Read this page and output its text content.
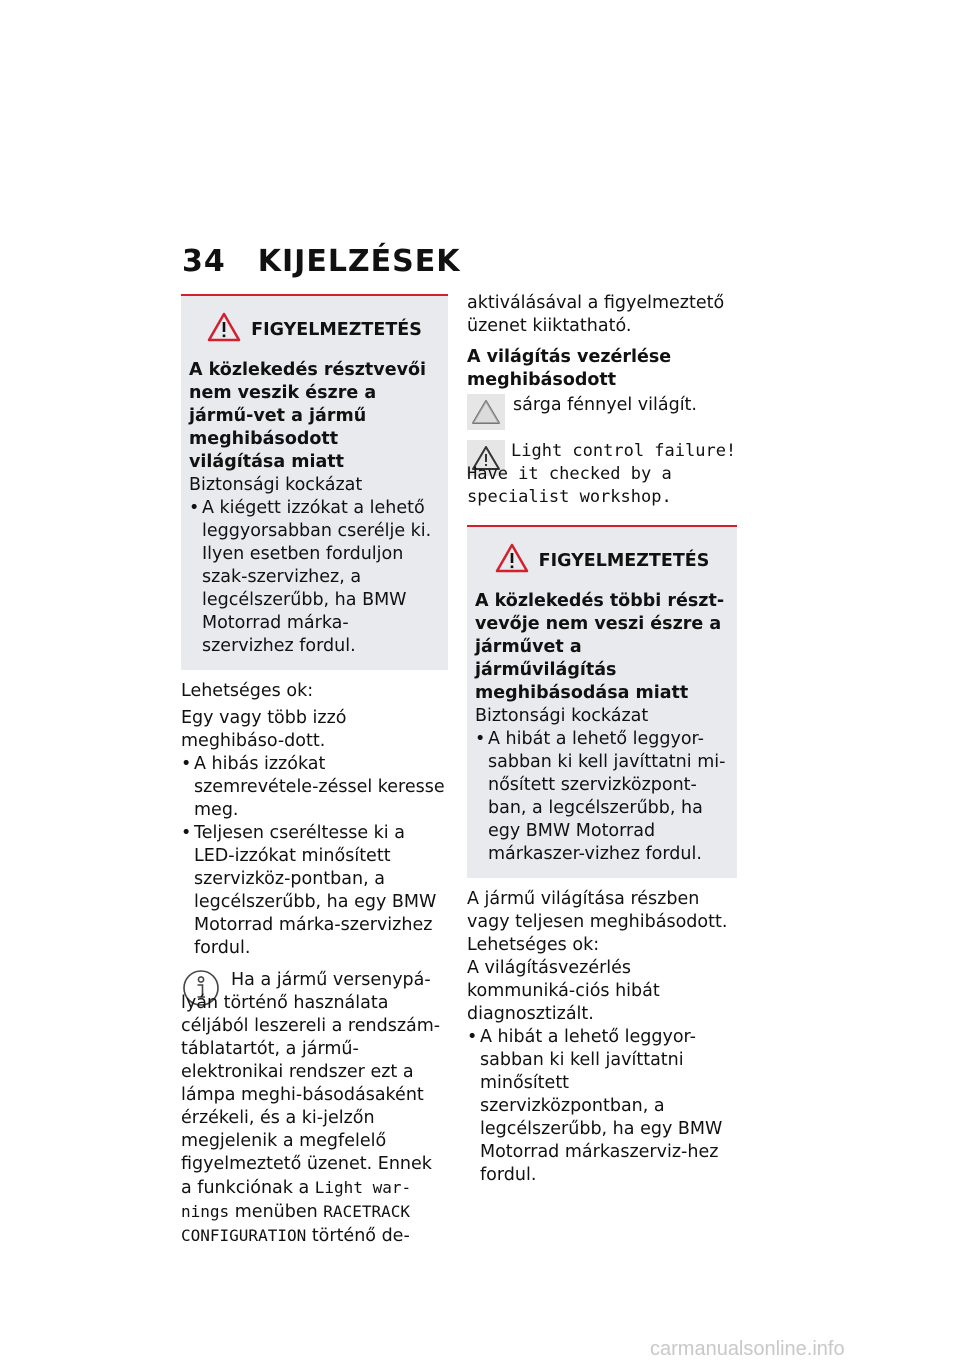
34 KIJELZÉSEK
FIGYELMEZTETÉS
A közlekedés résztvevői nem veszik észre a jármű-vet a jármű meghibásodott világítása miatt
Biztonsági kockázat
• A kiégett izzókat a lehető leggyorsabban cserélje ki. Ilyen esetben forduljon szak-szervizhez, a legcélszerűbb, ha BMW Motorrad márka-szervizhez fordul.
Lehetséges ok:
Egy vagy több izzó meghibáso-dott.
• A hibás izzókat szemrevétele-zéssel keresse meg.
• Teljesen cseréltesse ki a LED-izzókat minősített szervizköz-pontban, a legcélszerűbb, ha egy BMW Motorrad márka-szervizhez fordul.
Ha a jármű versenypá-lyán történő használata céljából leszereli a rendszám-táblatartót, a jármű-elektronikai rendszer ezt a lámpa meghi-básodásaként érzékeli, és a ki-jelzőn megjelenik a megfelelő figyelmeztető üzenet. Ennek a funkciónak a Light war-nings menüben RACETRACK CONFIGURATION történő de-
aktiválásával a figyelmeztető üzenet kiiktatható.
A világítás vezérlése meghibásodott
sárga fénnyel világít.
Light control failure! Have it checked by a specialist workshop.
FIGYELMEZTETÉS
A közlekedés többi részt-vevője nem veszi észre a járművet a járművilágítás meghibásodása miatt
Biztonsági kockázat
• A hibát a lehető leggyor-sabban ki kell javíttatni mi-nősített szervizközpont-ban, a legcélszerűbb, ha egy BMW Motorrad márkaszer-vizhez fordul.
A jármű világítása részben vagy teljesen meghibásodott.
Lehetséges ok:
A világításvezérlés kommuniká-ciós hibát diagnosztizált.
• A hibát a lehető leggyor-sabban ki kell javíttatni minősített szervizközpontban, a legcélszerűbb, ha egy BMW Motorrad márkaszerviz-hez fordul.
carmanualsonline.info
